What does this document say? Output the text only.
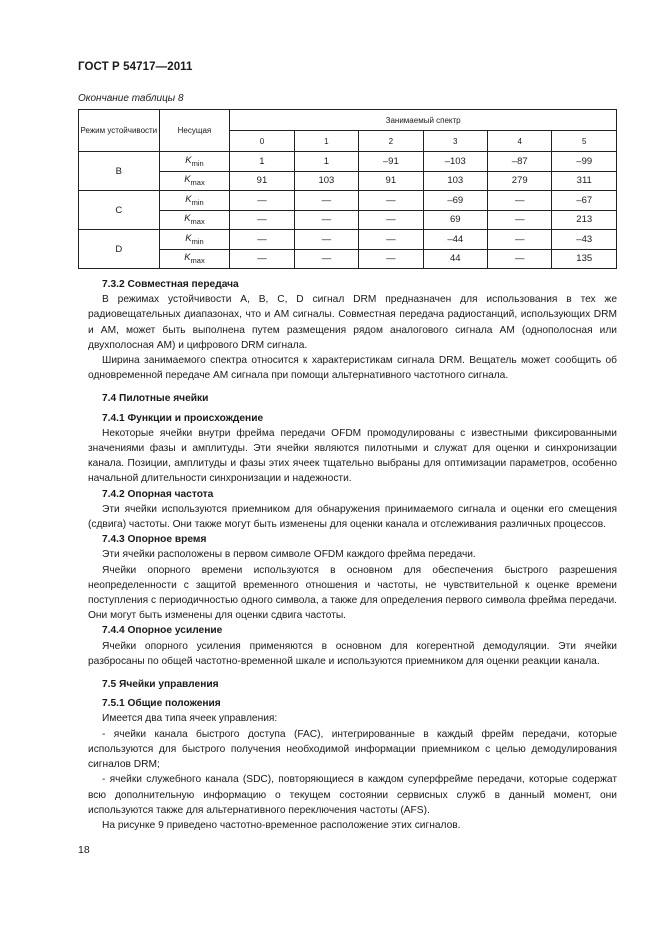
ГОСТ Р 54717—2011
Окончание таблицы 8
Режим устойчивости	Несущая	Занимаемый спектр					
		0	1	2	3	4	5
B	$K_{min}$	1	1	–91	–103	–87	–99
	$K_{max}$	91	103	91	103	279	311
C	$K_{min}$	—	—	—	–69	—	–67
	$K_{max}$	—	—	—	69	—	213
D	$K_{min}$	—	—	—	–44	—	–43
	$K_{max}$	—	—	—	44	—	135
7.3.2 Совместная передача

В режимах устойчивости A, B, C, D сигнал DRM предназначен для использования в тех же радиовещательных диапазонах, что и АМ сигналы. Совместная передача радиостанций, использующих DRM и АМ, может быть выполнена путем размещения рядом аналогового сигнала АМ (однополосная или двухполосная АМ) и цифрового DRM сигнала.

Ширина занимаемого спектра относится к характеристикам сигнала DRM. Вещатель может сообщить об одновременной передаче АМ сигнала при помощи альтернативного частотного сигнала.

7.4 Пилотные ячейки
7.4.1 Функции и происхождение

Некоторые ячейки внутри фрейма передачи OFDM промодулированы с известными фиксированными значениями фазы и амплитуды. Эти ячейки являются пилотными и служат для оценки и синхронизации канала. Позиции, амплитуды и фазы этих ячеек тщательно выбраны для оптимизации параметров, особенно начальной длительности синхронизации и надежности.

7.4.2 Опорная частота

Эти ячейки используются приемником для обнаружения принимаемого сигнала и оценки его смещения (сдвига) частоты. Они также могут быть изменены для оценки канала и отслеживания различных процессов.

7.4.3 Опорное время

Эти ячейки расположены в первом символе OFDM каждого фрейма передачи.

Ячейки опорного времени используются в основном для обеспечения быстрого разрешения неопределенности с защитой временного отношения и частоты, не чувствительной к оценке времени поступления с периодичностью одного символа, а также для определения первого символа фрейма передачи. Они могут быть изменены для оценки сдвига частоты.

7.4.4 Опорное усиление

Ячейки опорного усиления применяются в основном для когерентной демодуляции. Эти ячейки разбросаны по общей частотно-временной шкале и используются приемником для оценки реакции канала.

7.5 Ячейки управления
7.5.1 Общие положения

Имеется два типа ячеек управления:

- ячейки канала быстрого доступа (FAC), интегрированные в каждый фрейм передачи, которые используются для быстрого получения необходимой информации приемником с целью демодулирования сигналов DRM;

- ячейки служебного канала (SDC), повторяющиеся в каждом суперфрейме передачи, которые содержат всю дополнительную информацию о текущем состоянии сервисных служб в данный момент, они используются также для альтернативного переключения частоты (AFS).

На рисунке 9 приведено частотно-временное расположение этих сигналов.

18
